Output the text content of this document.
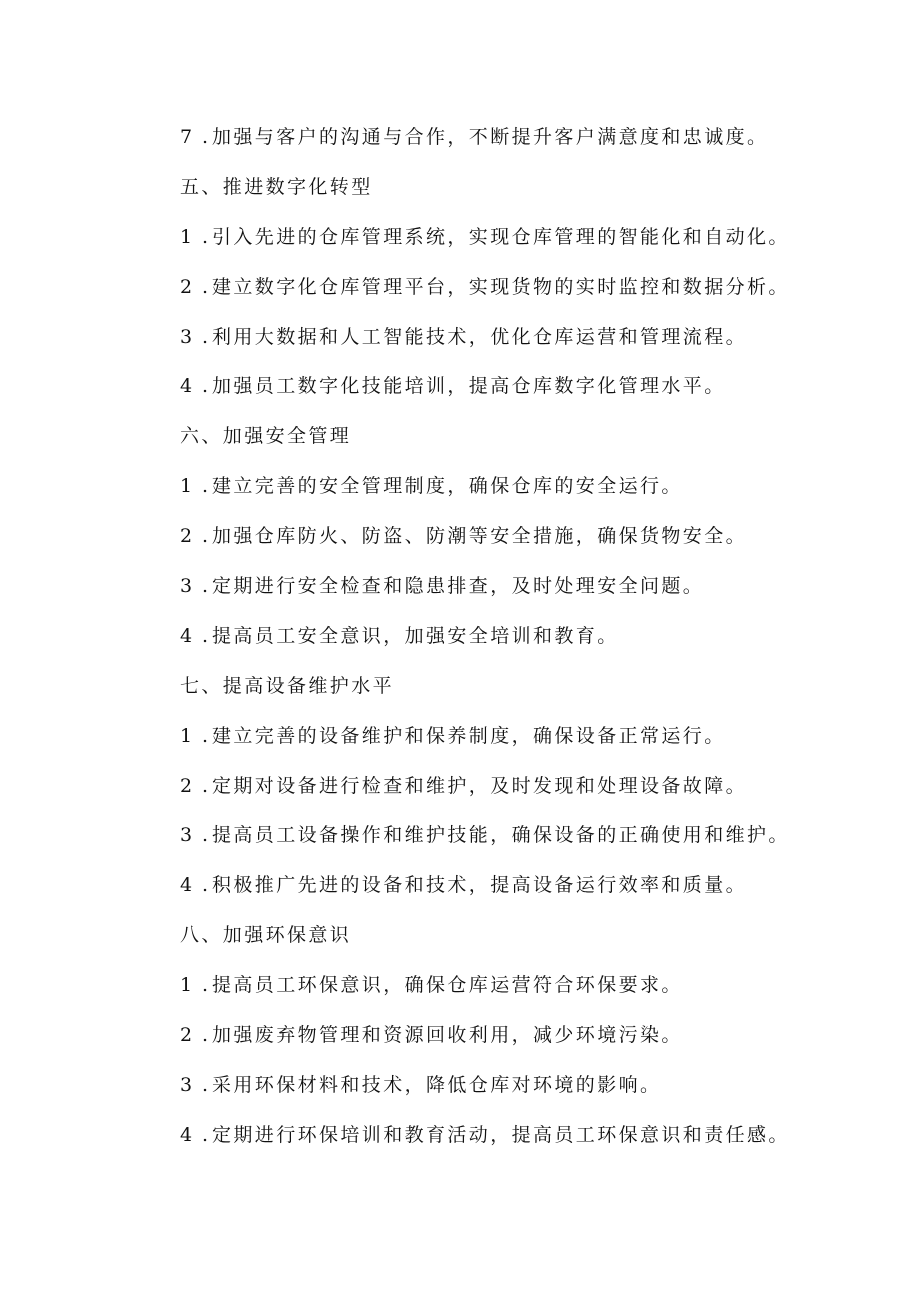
7 .加强与客户的沟通与合作，不断提升客户满意度和忠诚度。
五、推进数字化转型
1 .引入先进的仓库管理系统，实现仓库管理的智能化和自动化。
2 .建立数字化仓库管理平台，实现货物的实时监控和数据分析。
3 .利用大数据和人工智能技术，优化仓库运营和管理流程。
4 .加强员工数字化技能培训，提高仓库数字化管理水平。
六、加强安全管理
1 .建立完善的安全管理制度，确保仓库的安全运行。
2 .加强仓库防火、防盗、防潮等安全措施，确保货物安全。
3 .定期进行安全检查和隐患排查，及时处理安全问题。
4 .提高员工安全意识，加强安全培训和教育。
七、提高设备维护水平
1 .建立完善的设备维护和保养制度，确保设备正常运行。
2 .定期对设备进行检查和维护，及时发现和处理设备故障。
3 .提高员工设备操作和维护技能，确保设备的正确使用和维护。
4 .积极推广先进的设备和技术，提高设备运行效率和质量。
八、加强环保意识
1 .提高员工环保意识，确保仓库运营符合环保要求。
2 .加强废弃物管理和资源回收利用，减少环境污染。
3 .采用环保材料和技术，降低仓库对环境的影响。
4 .定期进行环保培训和教育活动，提高员工环保意识和责任感。
